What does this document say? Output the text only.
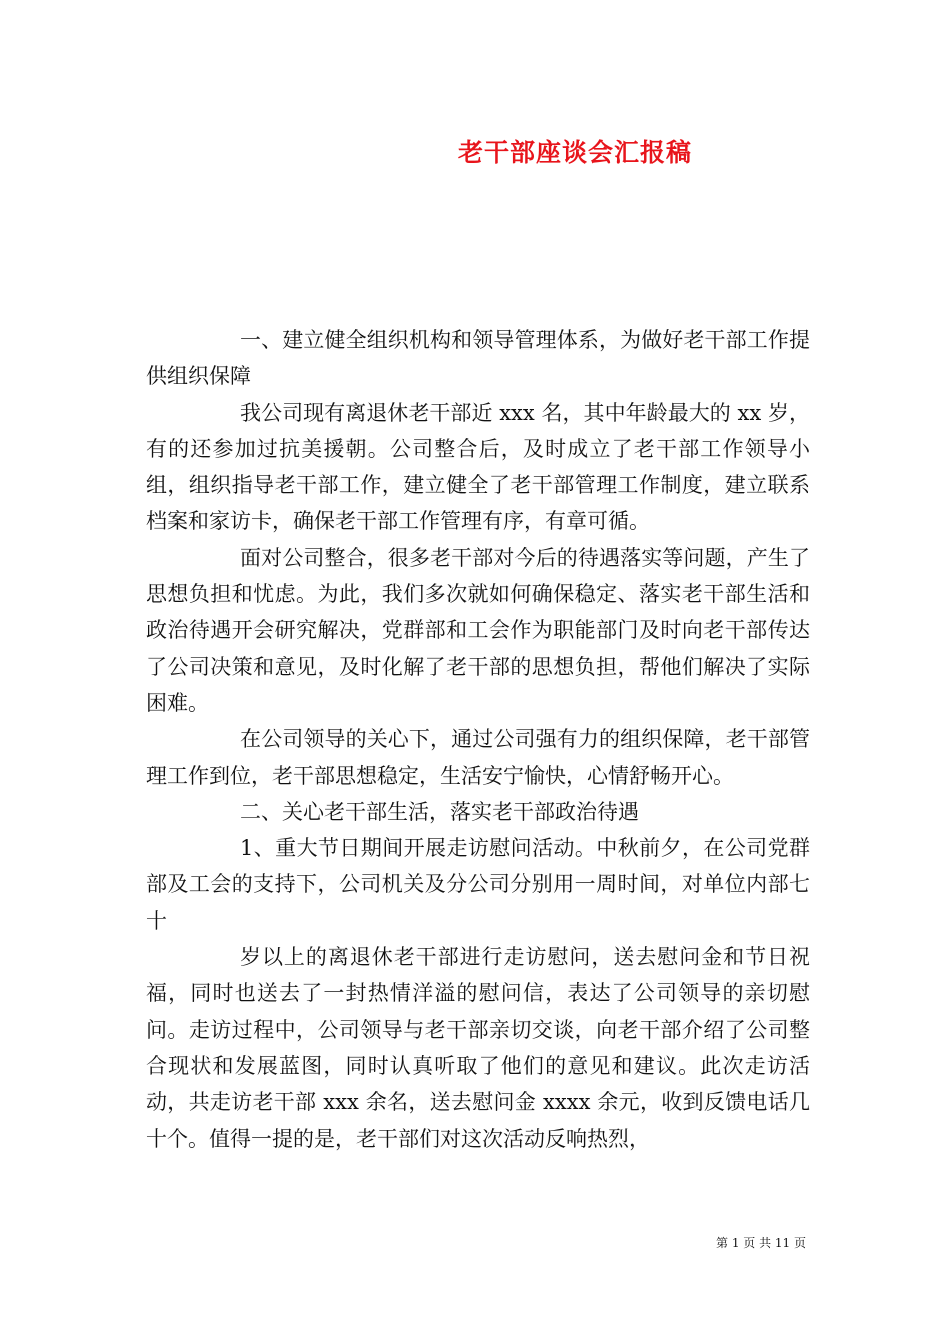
老干部座谈会汇报稿

一、建立健全组织机构和领导管理体系，为做好老干部工作提供组织保障

我公司现有离退休老干部近 xxx 名，其中年龄最大的 xx 岁，有的还参加过抗美援朝。公司整合后，及时成立了老干部工作领导小组，组织指导老干部工作，建立健全了老干部管理工作制度，建立联系档案和家访卡，确保老干部工作管理有序，有章可循。

面对公司整合，很多老干部对今后的待遇落实等问题，产生了思想负担和忧虑。为此，我们多次就如何确保稳定、落实老干部生活和政治待遇开会研究解决，党群部和工会作为职能部门及时向老干部传达了公司决策和意见，及时化解了老干部的思想负担，帮他们解决了实际困难。

在公司领导的关心下，通过公司强有力的组织保障，老干部管理工作到位，老干部思想稳定，生活安宁愉快，心情舒畅开心。

二、关心老干部生活，落实老干部政治待遇

1、重大节日期间开展走访慰问活动。中秋前夕，在公司党群部及工会的支持下，公司机关及分公司分别用一周时间，对单位内部七十

岁以上的离退休老干部进行走访慰问，送去慰问金和节日祝福，同时也送去了一封热情洋溢的慰问信，表达了公司领导的亲切慰问。走访过程中，公司领导与老干部亲切交谈，向老干部介绍了公司整合现状和发展蓝图，同时认真听取了他们的意见和建议。此次走访活动，共走访老干部 xxx 余名，送去慰问金 xxxx 余元，收到反馈电话几十个。值得一提的是，老干部们对这次活动反响热烈，

第 1 页 共 11 页
